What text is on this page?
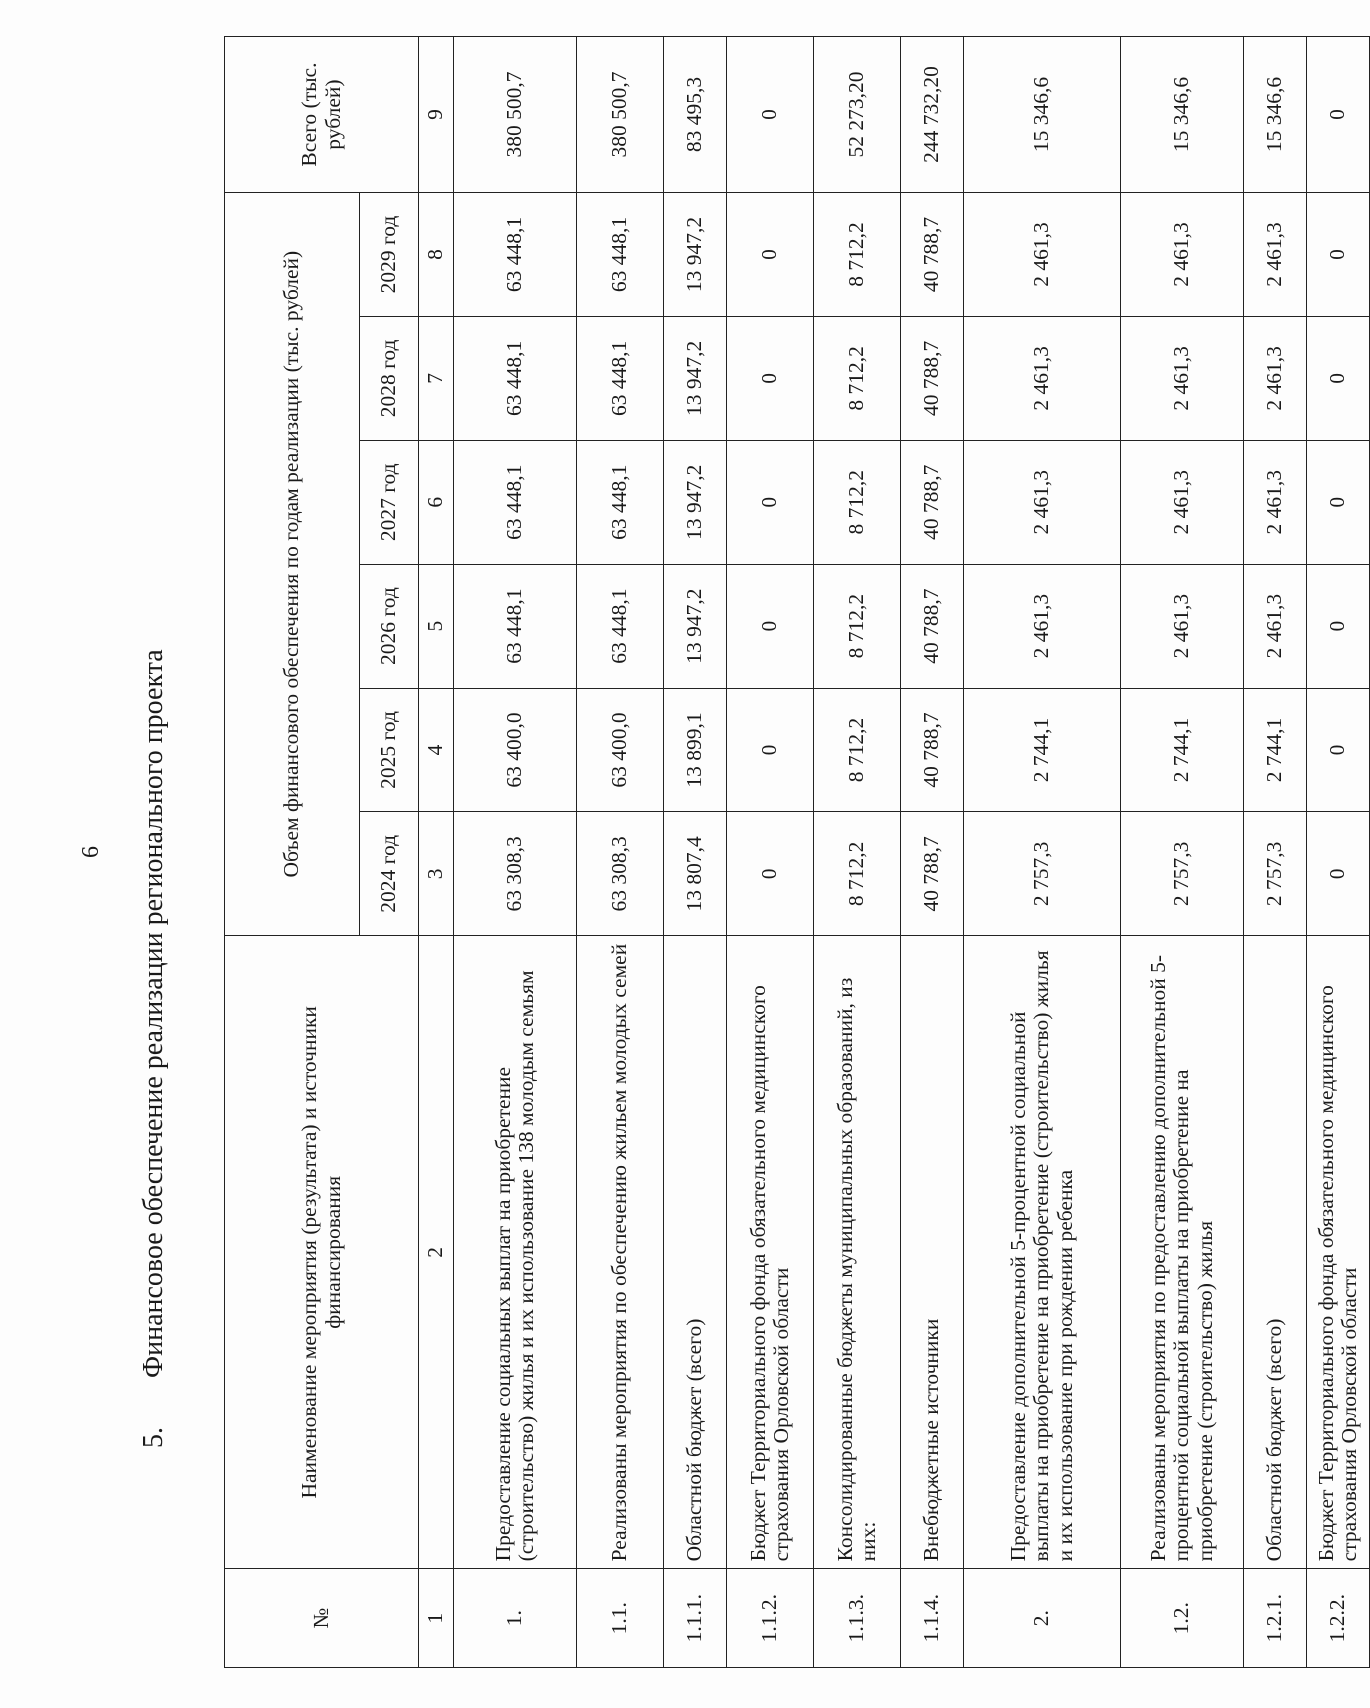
6
5.Финансовое обеспечение реализации регионального проекта
№	Наименование мероприятия (результата) и источники финансирования	Объем финансового обеспечения по годам реализации (тыс. рублей)						Всего (тыс. рублей)
		2024 год	2025 год	2026 год	2027 год	2028 год	2029 год	
1	2	3	4	5	6	7	8	9
1.	Предоставление социальных выплат на приобретение (строительство) жилья и их использование 138 молодым семьям	63 308,3	63 400,0	63 448,1	63 448,1	63 448,1	63 448,1	380 500,7
1.1.	Реализованы мероприятия по обеспечению жильем молодых семей	63 308,3	63 400,0	63 448,1	63 448,1	63 448,1	63 448,1	380 500,7
1.1.1.	Областной бюджет (всего)	13 807,4	13 899,1	13 947,2	13 947,2	13 947,2	13 947,2	83 495,3
1.1.2.	Бюджет Территориального фонда обязательного медицинского страхования Орловской области	0	0	0	0	0	0	0
1.1.3.	Консолидированные бюджеты муниципальных образований, из них:	8 712,2	8 712,2	8 712,2	8 712,2	8 712,2	8 712,2	52 273,20
1.1.4.	Внебюджетные источники	40 788,7	40 788,7	40 788,7	40 788,7	40 788,7	40 788,7	244 732,20
2.	Предоставление дополнительной 5-процентной социальной выплаты на приобретение на приобретение (строительство) жилья и их использование при рождении ребенка	2 757,3	2 744,1	2 461,3	2 461,3	2 461,3	2 461,3	15 346,6
1.2.	Реализованы мероприятия по предоставлению дополнительной 5-процентной социальной выплаты на приобретение на приобретение (строительство) жилья	2 757,3	2 744,1	2 461,3	2 461,3	2 461,3	2 461,3	15 346,6
1.2.1.	Областной бюджет (всего)	2 757,3	2 744,1	2 461,3	2 461,3	2 461,3	2 461,3	15 346,6
1.2.2.	Бюджет Территориального фонда обязательного медицинского страхования Орловской области	0	0	0	0	0	0	0
